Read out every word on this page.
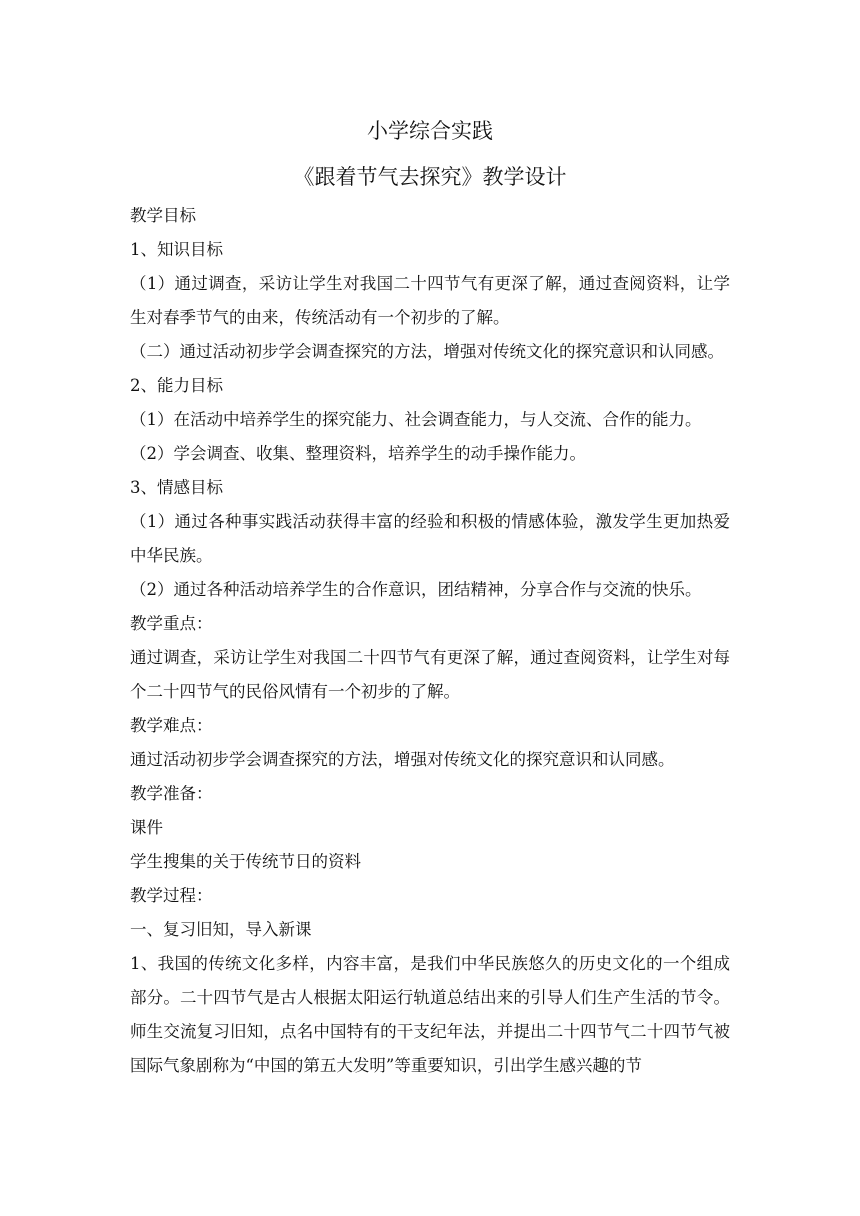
小学综合实践
《跟着节气去探究》教学设计

教学目标

1、知识目标

（1）通过调查，采访让学生对我国二十四节气有更深了解，通过查阅资料，让学生对春季节气的由来，传统活动有一个初步的了解。

（二）通过活动初步学会调查探究的方法，增强对传统文化的探究意识和认同感。

2、能力目标

（1）在活动中培养学生的探究能力、社会调查能力，与人交流、合作的能力。

（2）学会调查、收集、整理资料，培养学生的动手操作能力。

3、情感目标

（1）通过各种事实践活动获得丰富的经验和积极的情感体验，激发学生更加热爱中华民族。

（2）通过各种活动培养学生的合作意识，团结精神，分享合作与交流的快乐。

教学重点：

通过调查，采访让学生对我国二十四节气有更深了解，通过查阅资料，让学生对每个二十四节气的民俗风情有一个初步的了解。

教学难点：

通过活动初步学会调查探究的方法，增强对传统文化的探究意识和认同感。

教学准备：

课件

学生搜集的关于传统节日的资料

教学过程：

一、复习旧知，导入新课

1、我国的传统文化多样，内容丰富，是我们中华民族悠久的历史文化的一个组成部分。二十四节气是古人根据太阳运行轨道总结出来的引导人们生产生活的节令。师生交流复习旧知，点名中国特有的干支纪年法，并提出二十四节气二十四节气被国际气象剧称为“中国的第五大发明”等重要知识，引出学生感兴趣的节
